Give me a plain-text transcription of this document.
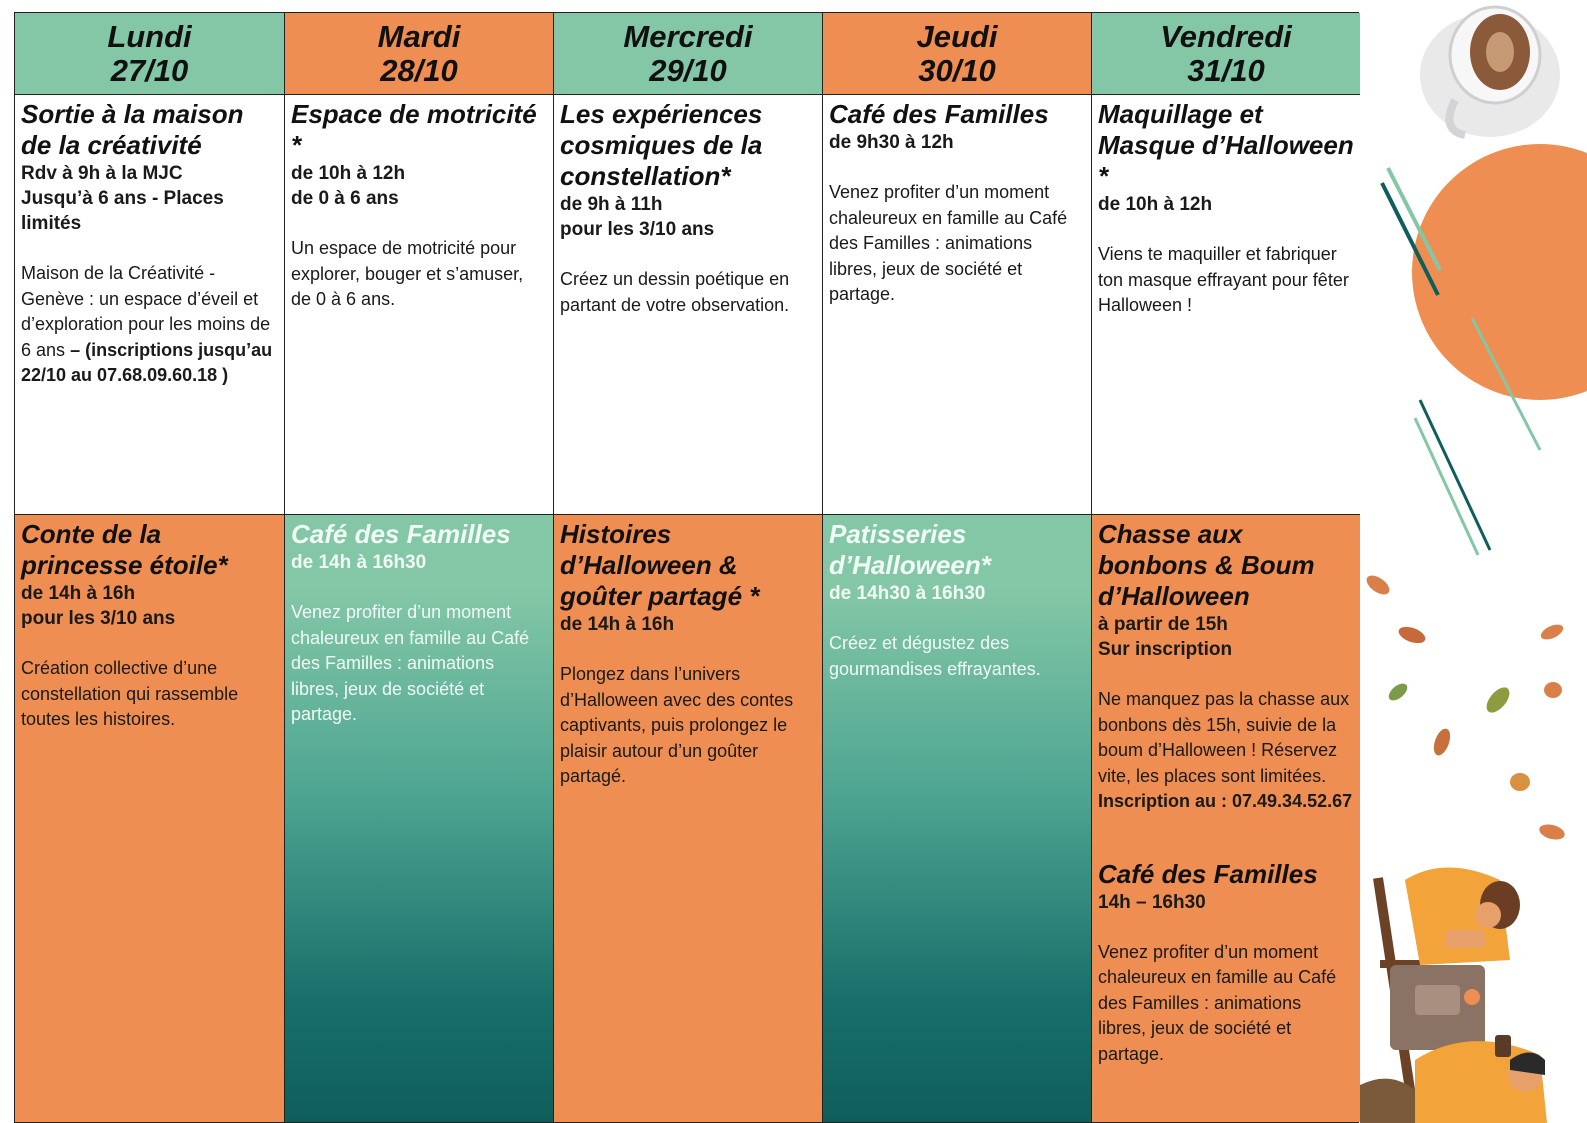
Lundi
27/10
Sortie à la maison de la créativité
Rdv à 9h à la MJC
Jusqu’à 6 ans - Places limités
Maison de la Créativité - Genève : un espace d’éveil et d’exploration pour les moins de 6 ans – (inscriptions jusqu’au 22/10 au 07.68.09.60.18 )
Conte de la princesse étoile*
de 14h à 16h
pour les 3/10 ans
Création collective d’une constellation qui rassemble toutes les histoires.
Mardi
28/10
Espace de motricité *
de 10h à 12h
de 0 à 6 ans
Un espace de motricité pour explorer, bouger et s’amuser, de 0 à 6 ans.
Café des Familles
de 14h à 16h30
Venez profiter d’un moment chaleureux en famille au Café des Familles : animations libres, jeux de société et partage.
Mercredi
29/10
Les expériences cosmiques de la constellation*
de 9h à 11h
pour les 3/10 ans
Créez un dessin poétique en partant de votre observation.
Histoires d’Halloween & goûter partagé *
de 14h à 16h
Plongez dans l’univers d’Halloween avec des contes captivants, puis prolongez le plaisir autour d’un goûter partagé.
Jeudi
30/10
Café des Familles
de 9h30 à 12h
Venez profiter d’un moment chaleureux en famille au Café des Familles : animations libres, jeux de société et partage.
Patisseries d’Halloween*
de 14h30 à 16h30
Créez et dégustez des gourmandises effrayantes.
Vendredi
31/10
Maquillage et Masque d’Halloween *
de 10h à 12h
Viens te maquiller et fabriquer ton masque effrayant pour fêter Halloween !
Chasse aux bonbons & Boum d’Halloween
à partir de 15h
Sur inscription
Ne manquez pas la chasse aux bonbons dès 15h, suivie de la boum d’Halloween ! Réservez vite, les places sont limitées. Inscription au : 07.49.34.52.67
Café des Familles
14h – 16h30
Venez profiter d’un moment chaleureux en famille au Café des Familles : animations libres, jeux de société et partage.
